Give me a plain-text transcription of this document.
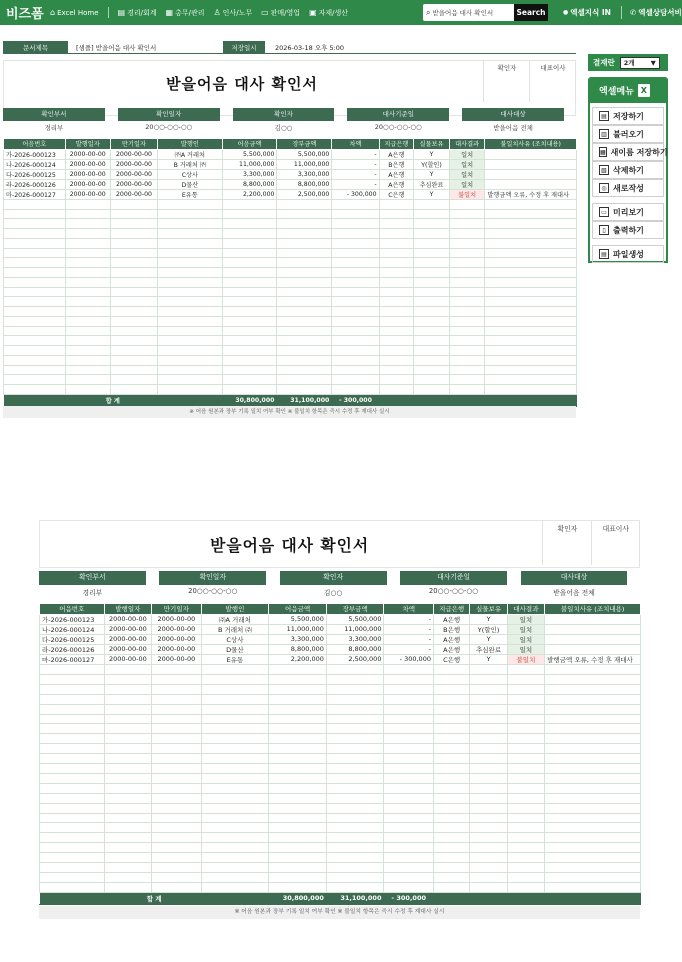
비즈폼 ⌂ Excel Home ▤ 경리/회계 ▦ 총무/관리 ♙ 인사/노무 ▭ 판매/영업 ▣ 자재/생산	⌕ 받을어음 대사 확인서	Search	● 엑셀지식 IN	✆ 엑셀상담서비
문서제목	[샘플] 받을어음 대사 확인서	저장일시	2026-03-18 오후 5:00
결재란 2개 ▼
엑셀메뉴 X
▤ 저장하기
▥ 불러오기
▦ 새이름 저장하기
▧ 삭제하기
◎ 새로작성
▭ 미리보기
▯ 출력하기
▤ 파일생성
받을어음 대사 확인서
확인자	대표이사
확인부서
경리부
확인일자
20○○-○○-○○
확인자
김○○
대사기준일
20○○-○○-○○
대사대상
받을어음 전체
어음번호	발행일자	만기일자	발행인	어음금액	장부금액	차액	지급은행	실물보유	대사결과	불일치사유 (조치내용)
가-2026-000123	2000-00-00	2000-00-00	㈜A 거래처	5,500,000	5,500,000	-	A은행	Y	일치	
나-2026-000124	2000-00-00	2000-00-00	B 거래처 ㈜	11,000,000	11,000,000	-	B은행	Y(할인)	일치	
다-2026-000125	2000-00-00	2000-00-00	C상사	3,300,000	3,300,000	-	A은행	Y	일치	
라-2026-000126	2000-00-00	2000-00-00	D물산	8,800,000	8,800,000	-	A은행	추심완료	일치	
마-2026-000127	2000-00-00	2000-00-00	E유통	2,200,000	2,500,000	- 300,000	C은행	Y	불일치	발행금액 오류, 수정 후 재대사

합 계				30,800,000	31,100,000	- 300,000				
※ 어음 원본과 장부 기록 일치 여부 확인 ※ 불일치 항목은 즉시 수정 후 재대사 실시
받을어음 대사 확인서
확인자	대표이사
확인부서
경리부
확인일자
20○○-○○-○○
확인자
김○○
대사기준일
20○○-○○-○○
대사대상
받을어음 전체
어음번호	발행일자	만기일자	발행인	어음금액	장부금액	차액	지급은행	실물보유	대사결과	불일치사유 (조치내용)
가-2026-000123	2000-00-00	2000-00-00	㈜A 거래처	5,500,000	5,500,000	-	A은행	Y	일치	
나-2026-000124	2000-00-00	2000-00-00	B 거래처 ㈜	11,000,000	11,000,000	-	B은행	Y(할인)	일치	
다-2026-000125	2000-00-00	2000-00-00	C상사	3,300,000	3,300,000	-	A은행	Y	일치	
라-2026-000126	2000-00-00	2000-00-00	D물산	8,800,000	8,800,000	-	A은행	추심완료	일치	
마-2026-000127	2000-00-00	2000-00-00	E유통	2,200,000	2,500,000	- 300,000	C은행	Y	불일치	발행금액 오류, 수정 후 재대사

합 계				30,800,000	31,100,000	- 300,000				
※ 어음 원본과 장부 기록 일치 여부 확인 ※ 불일치 항목은 즉시 수정 후 재대사 실시
